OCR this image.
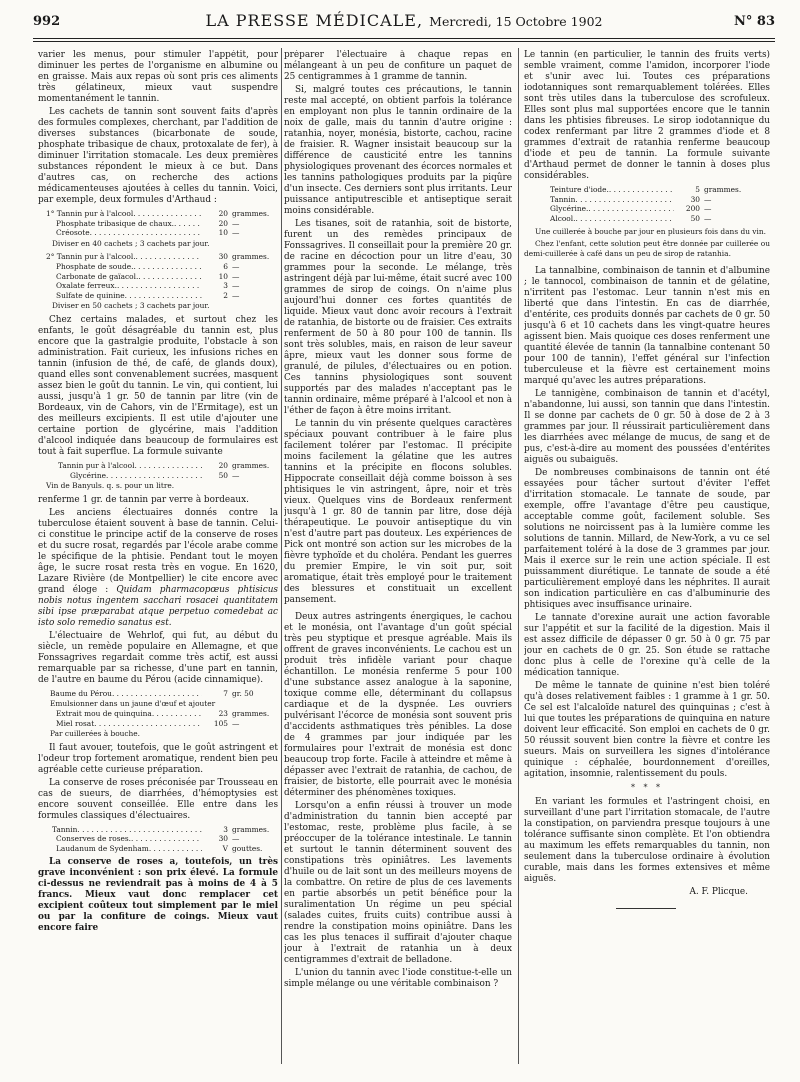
992	LA PRESSE MÉDICALE, Mercredi, 15 Octobre 1902	N° 83

varier les menus, pour stimuler l'appétit, pour diminuer les pertes de l'organisme en albumine ou en graisse. Mais aux repas où sont pris ces aliments très gélatineux, mieux vaut suspendre momentanément le tannin.

Les cachets de tannin sont souvent faits d'après des formules complexes, cherchant, par l'addition de diverses substances (bicarbonate de soude, phosphate tribasique de chaux, protoxalate de fer), à diminuer l'irritation stomacale. Les deux premières substances répondent le mieux à ce but. Dans d'autres cas, on recherche des actions médicamenteuses ajoutées à celles du tannin. Voici, par exemple, deux formules d'Arthaud :

1° Tannin pur à l'alcool . . .	20 grammes.
Phosphate tribasique de chaux. . . .	20 —
Créosote . . .	10 —
Diviser en 40 cachets ; 3 cachets par jour.
2° Tannin pur à l'alcool. . . .	30 grammes.
Phosphate de soude. . . .	6 —
Carbonate de gaïacol. . . .	10 —
Oxalate ferreux. . . .	3 —
Sulfate de quinine . . .	2 —
Diviser en 50 cachets ; 3 cachets par jour.

Chez certains malades, et surtout chez les enfants, le goût désagréable du tannin est, plus encore que la gastralgie produite, l'obstacle à son administration. Fait curieux, les infusions riches en tannin (infusion de thé, de café, de glands doux), quand elles sont convenablement sucrées, masquent assez bien le goût du tannin. Le vin, qui contient, lui aussi, jusqu'à 1 gr. 50 de tannin par litre (vin de Bordeaux, vin de Cahors, vin de l'Ermitage), est un des meilleurs excipients. Il est utile d'ajouter une certaine portion de glycérine, mais l'addition d'alcool indiquée dans beaucoup de formulaires est tout à fait superflue. La formule suivante

Tannin pur à l'alcool . . .	20 grammes.
Glycérine . . .	50 —
Vin de Banyuls. q. s. pour un litre.

renferme 1 gr. de tannin par verre à bordeaux.

Les anciens électuaires donnés contre la tuberculose étaient souvent à base de tannin. Celui-ci constitue le principe actif de la conserve de roses et du sucre rosat, regardés par l'école arabe comme le spécifique de la phtisie. Pendant tout le moyen âge, le sucre rosat resta très en vogue. En 1620, Lazare Rivière (de Montpellier) le cite encore avec grand éloge : Quidam pharmacopœus phtisicus nobis notus ingentem sacchari rosacei quantitatem sibi ipse præparabat atque perpetuo comedebat ac isto solo remedio sanatus est.

L'électuaire de Wehrlof, qui fut, au début du siècle, un remède populaire en Allemagne, et que Fonssagrives regardait comme très actif, est aussi remarquable par sa richesse, d'une part en tannin, de l'autre en baume du Pérou (acide cinnamique).

Baume du Pérou . . .	7 gr. 50
Emulsionner dans un jaune d'œuf et ajouter
Extrait mou de quinquina . . .	23 grammes.
Miel rosat . . .	105 —
Par cuillerées à bouche.

Il faut avouer, toutefois, que le goût astringent et l'odeur trop fortement aromatique, rendent bien peu agréable cette curieuse préparation.

La conserve de roses préconisée par Trousseau en cas de sueurs, de diarrhées, d'hémoptysies est encore souvent conseillée. Elle entre dans les formules classiques d'électuaires.

Tannin . . .	3 grammes.
Conserves de roses. . . .	30 —
Laudanum de Sydenham . . .	V gouttes.

La conserve de roses a, toutefois, un très grave inconvénient : son prix élevé. La formule ci-dessus ne reviendrait pas à moins de 4 à 5 francs. Mieux vaut donc remplacer cet excipient coûteux tout simplement par le miel ou par la confiture de coings. Mieux vaut encore faire

préparer l'électuaire à chaque repas en mélangeant à un peu de confiture un paquet de 25 centigrammes à 1 gramme de tannin.

Si, malgré toutes ces précautions, le tannin reste mal accepté, on obtient parfois la tolérance en employant non plus le tannin ordinaire de la noix de galle, mais du tannin d'autre origine : ratanhia, noyer, monésia, bistorte, cachou, racine de fraisier. R. Wagner insistait beaucoup sur la différence de causticité entre les tannins physiologiques provenant des écorces normales et les tannins pathologiques produits par la piqûre d'un insecte. Ces derniers sont plus irritants. Leur puissance antiputrescible et antiseptique serait moins considérable.

Les tisanes, soit de ratanhia, soit de bistorte, furent un des remèdes principaux de Fonssagrives. Il conseillait pour la première 20 gr. de racine en décoction pour un litre d'eau, 30 grammes pour la seconde. Le mélange, très astringent déjà par lui-même, était sucré avec 100 grammes de sirop de coings. On n'aime plus aujourd'hui donner ces fortes quantités de liquide. Mieux vaut donc avoir recours à l'extrait de ratanhia, de bistorte ou de fraisier. Ces extraits renferment de 50 à 80 pour 100 de tannin. Ils sont très solubles, mais, en raison de leur saveur âpre, mieux vaut les donner sous forme de granulé, de pilules, d'électuaires ou en potion. Ces tannins physiologiques sont souvent supportés par des malades n'acceptant pas le tannin ordinaire, même préparé à l'alcool et non à l'éther de façon à être moins irritant.

Le tannin du vin présente quelques caractères spéciaux pouvant contribuer à le faire plus facilement tolérer par l'estomac. Il précipite moins facilement la gélatine que les autres tannins et la précipite en flocons solubles. Hippocrate conseillait déjà comme boisson à ses phtisiques le vin astringent, âpre, noir et très vieux. Quelques vins de Bordeaux renferment jusqu'à 1 gr. 80 de tannin par litre, dose déjà thérapeutique. Le pouvoir antiseptique du vin n'est d'autre part pas douteux. Les expériences de Pick ont montré son action sur les microbes de la fièvre typhoïde et du choléra. Pendant les guerres du premier Empire, le vin soit pur, soit aromatique, était très employé pour le traitement des blessures et constituait un excellent pansement.

Deux autres astringents énergiques, le cachou et le monésia, ont l'avantage d'un goût spécial très peu styptique et presque agréable. Mais ils offrent de graves inconvénients. Le cachou est un produit très infidèle variant pour chaque échantillon. Le monésia renferme 5 pour 100 d'une substance assez analogue à la saponine, toxique comme elle, déterminant du collapsus cardiaque et de la dyspnée. Les ouvriers pulvérisant l'écorce de monésia sont souvent pris d'accidents asthmatiques très pénibles. La dose de 4 grammes par jour indiquée par les formulaires pour l'extrait de monésia est donc beaucoup trop forte. Facile à atteindre et même à dépasser avec l'extrait de ratanhia, de cachou, de fraisier, de bistorte, elle pourrait avec le monésia déterminer des phénomènes toxiques.

Lorsqu'on a enfin réussi à trouver un mode d'administration du tannin bien accepté par l'estomac, reste, problème plus facile, à se préoccuper de la tolérance intestinale. Le tannin et surtout le tannin déterminent souvent des constipations très opiniâtres. Les lavements d'huile ou de lait sont un des meilleurs moyens de la combattre. On retire de plus de ces lavements en partie absorbés un petit bénéfice pour la suralimentation Un régime un peu spécial (salades cuites, fruits cuits) contribue aussi à rendre la constipation moins opiniâtre. Dans les cas les plus tenaces il suffirait d'ajouter chaque jour à l'extrait de ratanhia un à deux centigrammes d'extrait de belladone.

L'union du tannin avec l'iode constitue-t-elle un simple mélange ou une véritable combinaison ?

Le tannin (en particulier, le tannin des fruits verts) semble vraiment, comme l'amidon, incorporer l'iode et s'unir avec lui. Toutes ces préparations iodotanniques sont remarquablement tolérées. Elles sont très utiles dans la tuberculose des scrofuleux. Elles sont plus mal supportées encore que le tannin dans les phtisies fibreuses. Le sirop iodotannique du codex renfermant par litre 2 grammes d'iode et 8 grammes d'extrait de ratanhia renferme beaucoup d'iode et peu de tannin. La formule suivante d'Arthaud permet de donner le tannin à doses plus considérables.

Teinture d'iode. . . .	5 grammes.
Tannin . . .	30 —
Glycérine. . . .	200 —
Alcool. . . .	50 —

Une cuillerée à bouche par jour en plusieurs fois dans du vin.

Chez l'enfant, cette solution peut être donnée par cuillerée ou demi-cuillerée à café dans un peu de sirop de ratanhia.

La tannalbine, combinaison de tannin et d'albumine ; le tannocol, combinaison de tannin et de gélatine, n'irritent pas l'estomac. Leur tannin n'est mis en liberté que dans l'intestin. En cas de diarrhée, d'entérite, ces produits donnés par cachets de 0 gr. 50 jusqu'à 6 et 10 cachets dans les vingt-quatre heures agissent bien. Mais quoique ces doses renferment une quantité élevée de tannin (la tannalbine contenant 50 pour 100 de tannin), l'effet général sur l'infection tuberculeuse et la fièvre est certainement moins marqué qu'avec les autres préparations.

Le tannigène, combinaison de tannin et d'acétyl, n'abandonne, lui aussi, son tannin que dans l'intestin. Il se donne par cachets de 0 gr. 50 à dose de 2 à 3 grammes par jour. Il réussirait particulièrement dans les diarrhées avec mélange de mucus, de sang et de pus, c'est-à-dire au moment des poussées d'entérites aiguës ou subaiguës.

De nombreuses combinaisons de tannin ont été essayées pour tâcher surtout d'éviter l'effet d'irritation stomacale. Le tannate de soude, par exemple, offre l'avantage d'être peu caustique, acceptable comme goût, facilement soluble. Ses solutions ne noircissent pas à la lumière comme les solutions de tannin. Millard, de New-York, a vu ce sel parfaitement toléré à la dose de 3 grammes par jour. Mais il exerce sur le rein une action spéciale. Il est puissamment diurétique. Le tannate de soude a été particulièrement employé dans les néphrites. Il aurait son indication particulière en cas d'albuminurie des phtisiques avec insuffisance urinaire.

Le tannate d'orexine aurait une action favorable sur l'appétit et sur la facilité de la digestion. Mais il est assez difficile de dépasser 0 gr. 50 à 0 gr. 75 par jour en cachets de 0 gr. 25. Son étude se rattache donc plus à celle de l'orexine qu'à celle de la médication tannique.

De même le tannate de quinine n'est bien toléré qu'à doses relativement faibles : 1 gramme à 1 gr. 50. Ce sel est l'alcaloïde naturel des quinquinas ; c'est à lui que toutes les préparations de quinquina en nature doivent leur efficacité. Son emploi en cachets de 0 gr. 50 réussit souvent bien contre la fièvre et contre les sueurs. Mais on surveillera les signes d'intolérance quinique : céphalée, bourdonnement d'oreilles, agitation, insomnie, ralentissement du pouls.

* * *

En variant les formules et l'astringent choisi, en surveillant d'une part l'irritation stomacale, de l'autre la constipation, on parviendra presque toujours à une tolérance suffisante sinon complète. Et l'on obtiendra au maximum les effets remarquables du tannin, non seulement dans la tuberculose ordinaire à évolution curable, mais dans les formes extensives et même aiguës.

A. F. Plicque.
